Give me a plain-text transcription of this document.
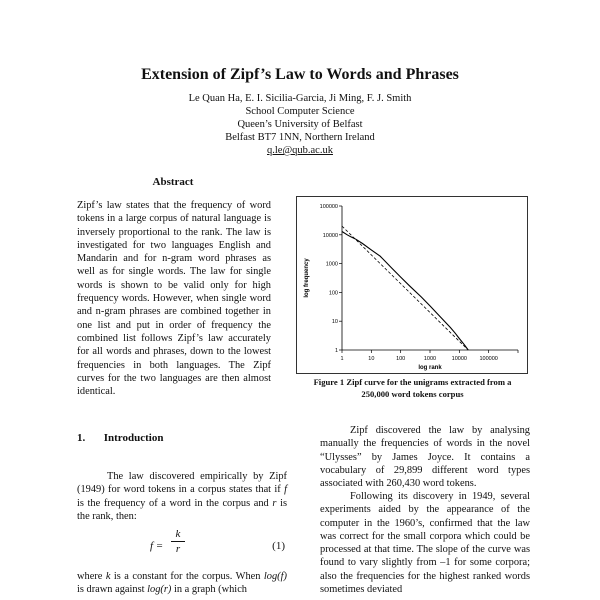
Extension of Zipf’s Law to Words and Phrases
Le Quan Ha, E. I. Sicilia-Garcia, Ji Ming, F. J. Smith
School Computer Science
Queen’s University of Belfast
Belfast BT7 1NN, Northern Ireland
q.le@qub.ac.uk
Abstract

Zipf’s law states that the frequency of word tokens in a large corpus of natural language is inversely proportional to the rank. The law is investigated for two languages English and Mandarin and for n-gram word phrases as well as for single words. The law for single words is shown to be valid only for high frequency words. However, when single word and n-gram phrases are combined together in one list and put in order of frequency the combined list follows Zipf’s law accurately for all words and phrases, down to the lowest frequencies in both languages. The Zipf curves for the two languages are then almost identical.

1. Introduction

The law discovered empirically by Zipf (1949) for word tokens in a corpus states that if f is the frequency of a word in the corpus and r is the rank, then:

f =
k
r	(1)

where k is a constant for the corpus. When log(f) is drawn against log(r) in a graph (which

1	10	100	1000	10000 100000
1
10
100
1000
10000
100000
log rank
log frequency
Figure 1 Zipf curve for the unigrams extracted from a 250,000 word tokens corpus

Zipf discovered the law by analysing manually the frequencies of words in the novel “Ulysses” by James Joyce. It contains a vocabulary of 29,899 different word types associated with 260,430 word tokens.

Following its discovery in 1949, several experiments aided by the appearance of the computer in the 1960’s, confirmed that the law was correct for the small corpora which could be processed at that time. The slope of the curve was found to vary slightly from –1 for some corpora; also the frequencies for the highest ranked words sometimes deviated
